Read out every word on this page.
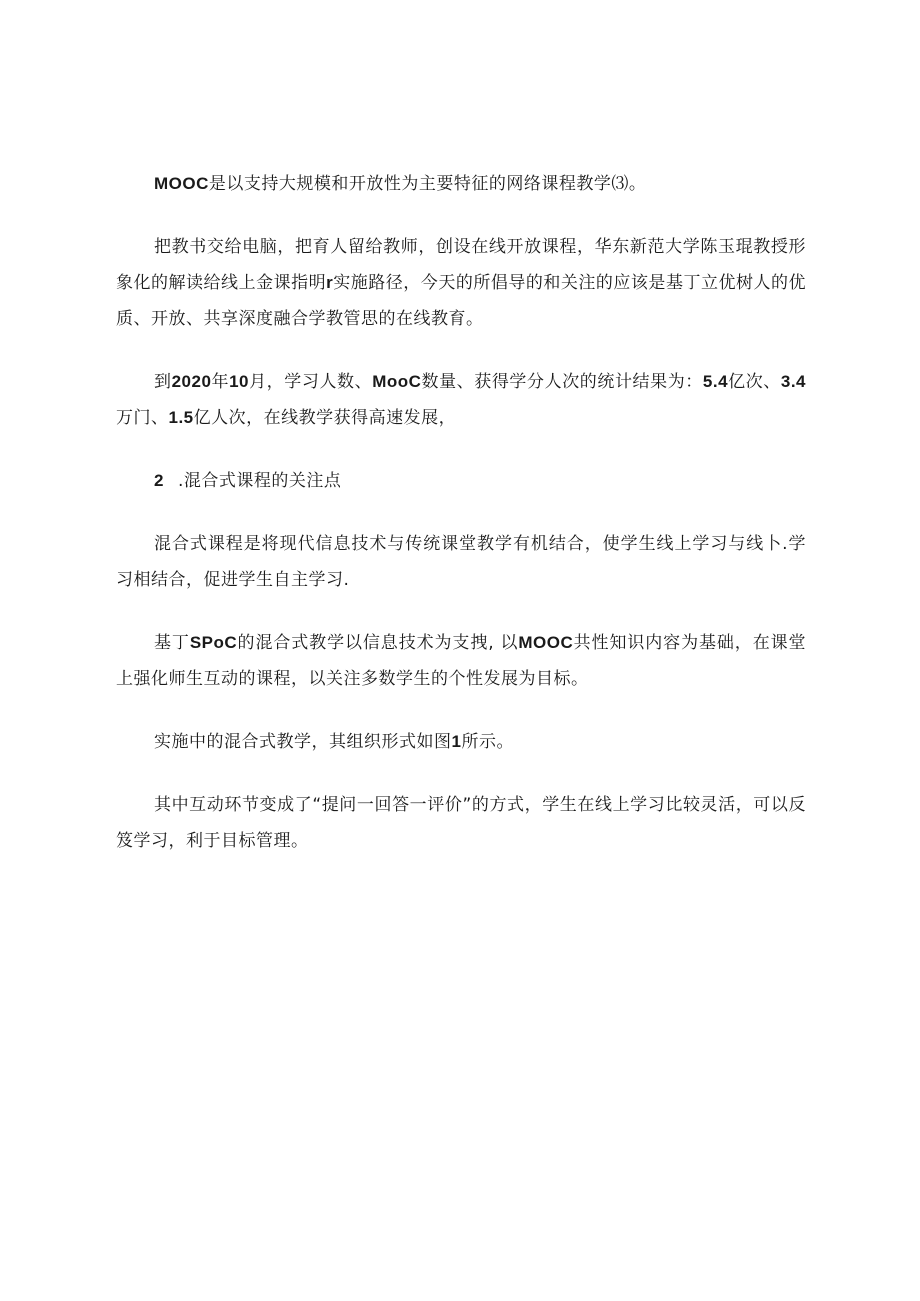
MOOC是以支持大规模和开放性为主要特征的网络课程教学⑶。

把教书交给电脑，把育人留给教师，创设在线开放课程，华东新范大学陈玉琨教授形象化的解读给线上金课指明r实施路径，今天的所倡导的和关注的应该是基丁立优树人的优质、开放、共享深度融合学教管思的在线教育。

到2020年10月，学习人数、MooC数量、获得学分人次的统计结果为：5.4亿次、3.4万门、1.5亿人次，在线教学获得高速发展，

2 .混合式课程的关注点

混合式课程是将现代信息技术与传统课堂教学有机结合，使学生线上学习与线卜.学习相结合，促进学生自主学习.

基丁SPoC的混合式教学以信息技术为支拽, 以MOOC共性知识内容为基础，在课堂上强化师生互动的课程，以关注多数学生的个性发展为目标。

实施中的混合式教学，其组织形式如图1所示。

其中互动环节变成了“提问一回答一评价”的方式，学生在线上学习比较灵活，可以反笈学习，利于目标管理。
